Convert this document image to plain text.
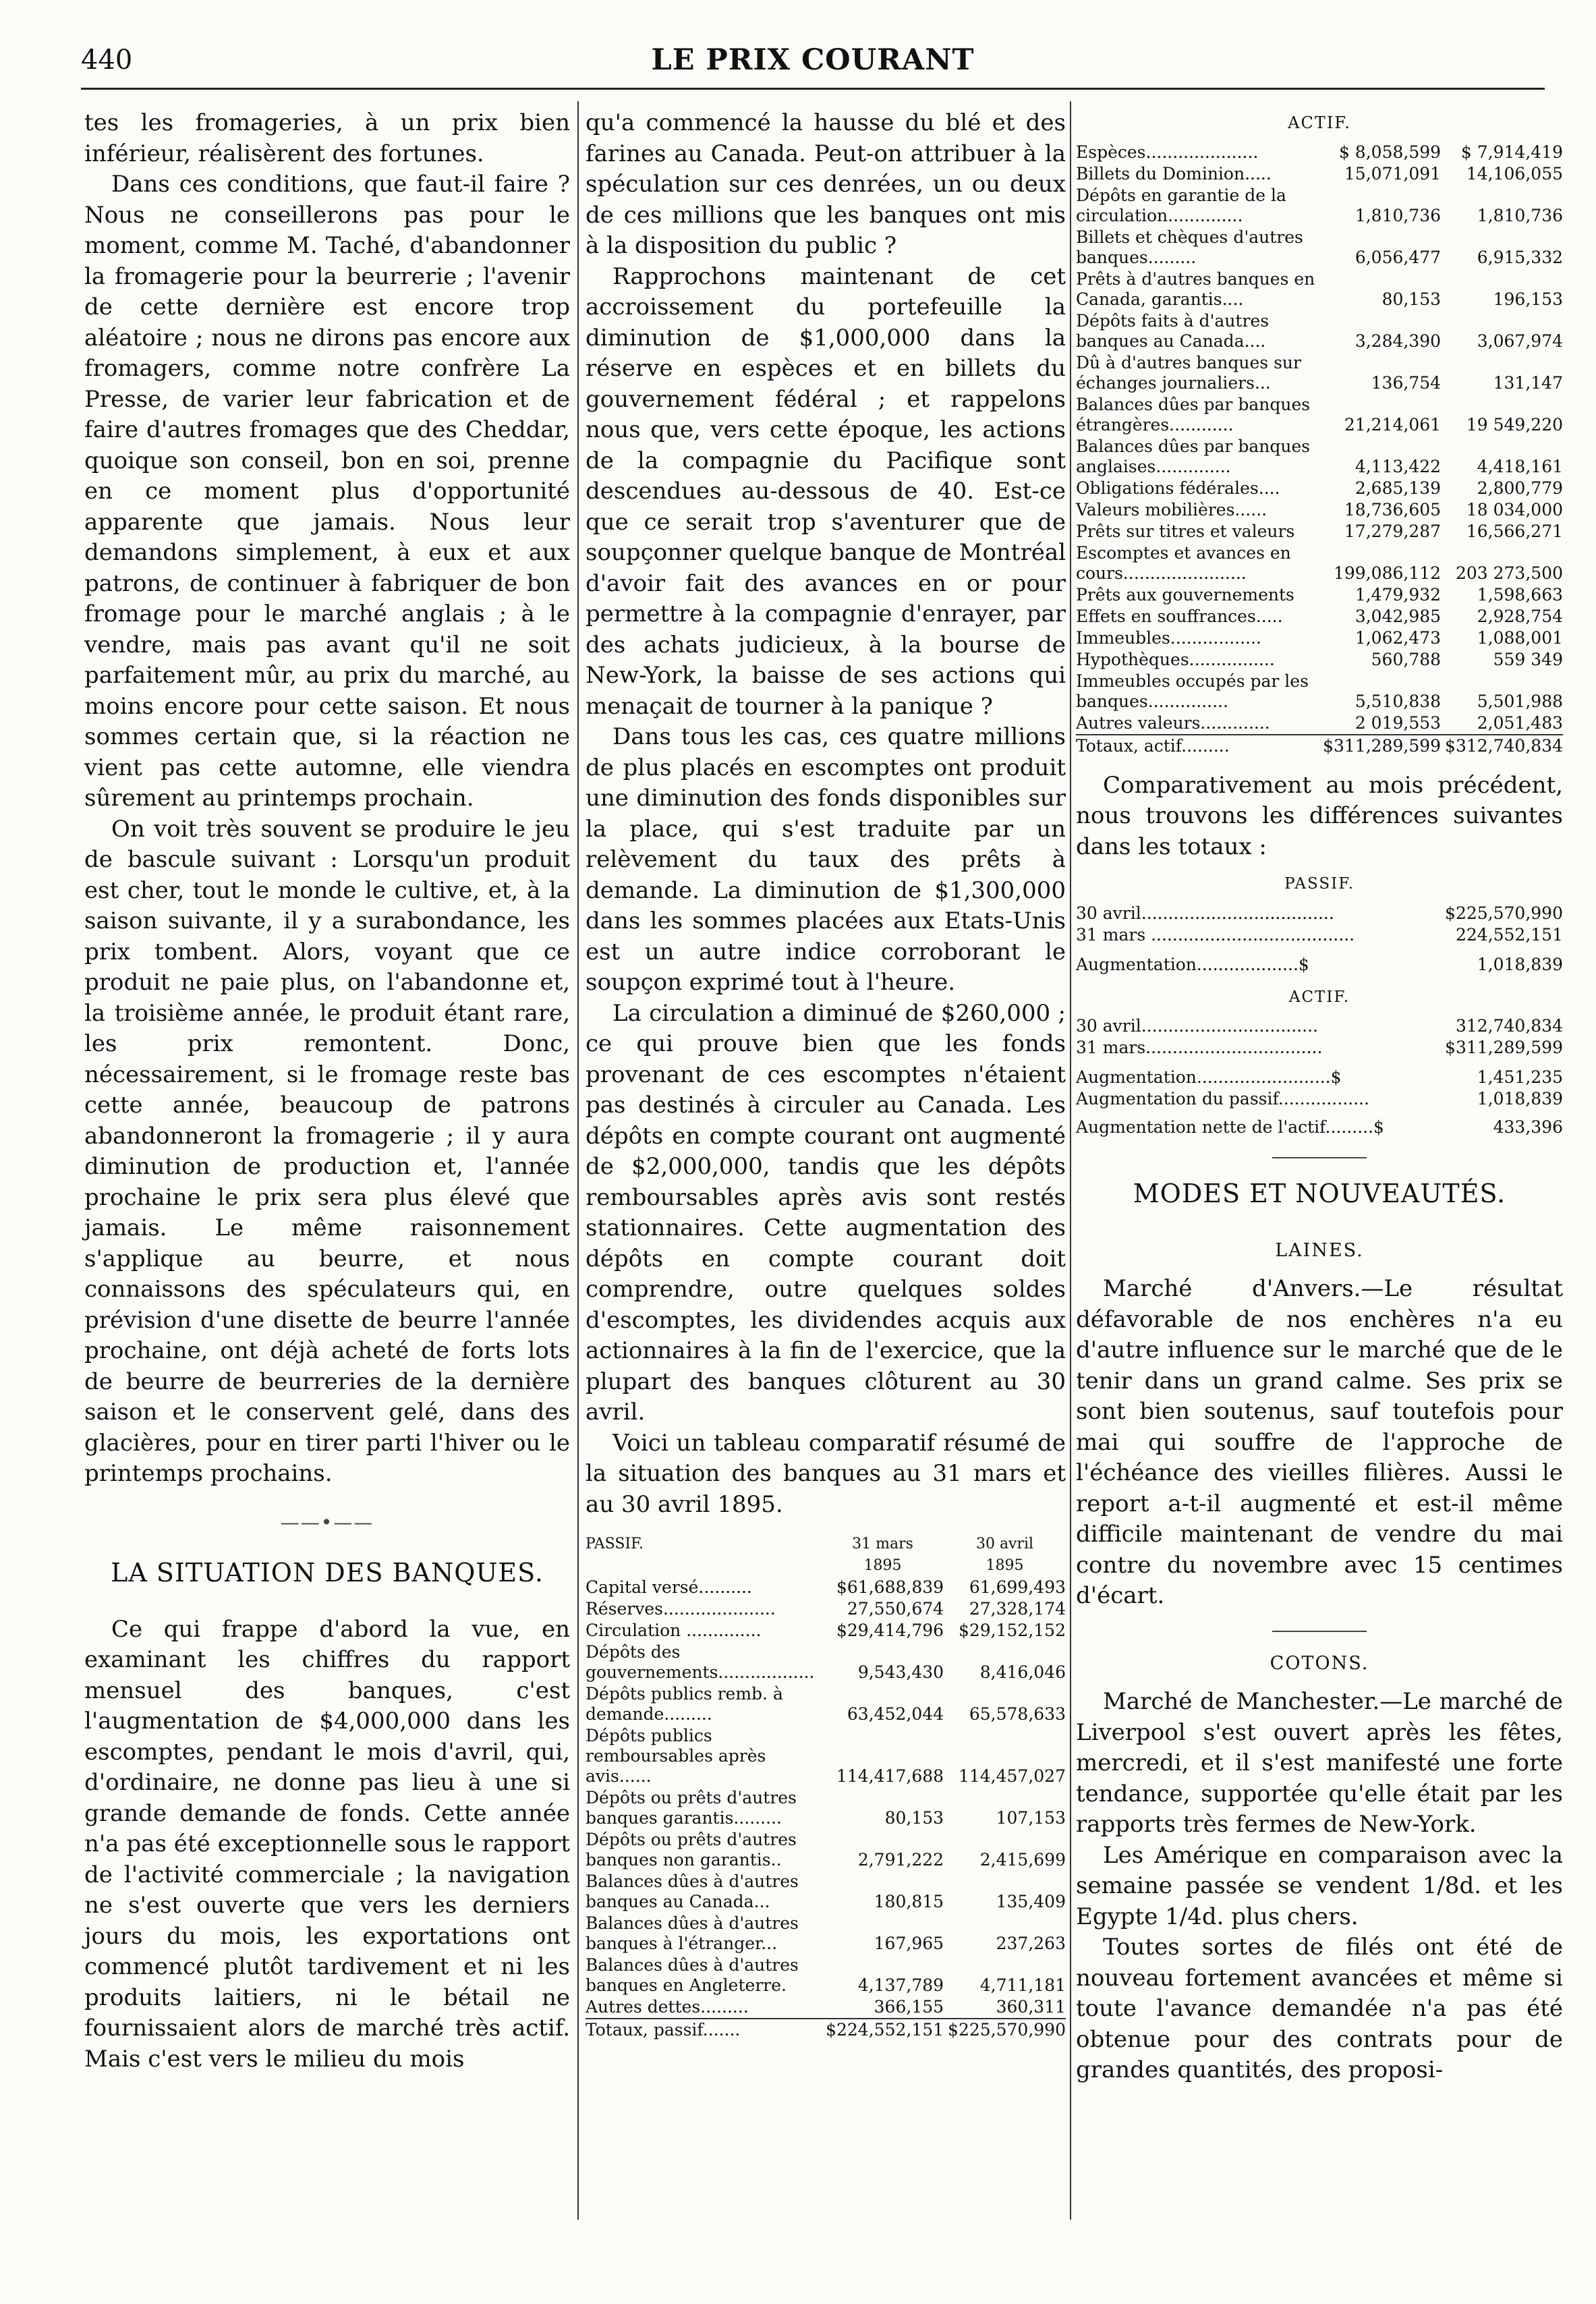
440	LE PRIX COURANT

tes les fromageries, à un prix bien inférieur, réalisèrent des fortunes.

Dans ces conditions, que faut-il faire ? Nous ne conseillerons pas pour le moment, comme M. Taché, d'abandonner la fromagerie pour la beurrerie ; l'avenir de cette dernière est encore trop aléatoire ; nous ne dirons pas encore aux fromagers, comme notre confrère La Presse, de varier leur fabrication et de faire d'autres fromages que des Cheddar, quoique son conseil, bon en soi, prenne en ce moment plus d'opportunité apparente que jamais. Nous leur demandons simplement, à eux et aux patrons, de continuer à fabriquer de bon fromage pour le marché anglais ; à le vendre, mais pas avant qu'il ne soit parfaitement mûr, au prix du marché, au moins encore pour cette saison. Et nous sommes certain que, si la réaction ne vient pas cette automne, elle viendra sûrement au printemps prochain.

On voit très souvent se produire le jeu de bascule suivant : Lorsqu'un produit est cher, tout le monde le cultive, et, à la saison suivante, il y a surabondance, les prix tombent. Alors, voyant que ce produit ne paie plus, on l'abandonne et, la troisième année, le produit étant rare, les prix remontent. Donc, nécessairement, si le fromage reste bas cette année, beaucoup de patrons abandonneront la fromagerie ; il y aura diminution de production et, l'année prochaine le prix sera plus élevé que jamais. Le même raisonnement s'applique au beurre, et nous connaissons des spéculateurs qui, en prévision d'une disette de beurre l'année prochaine, ont déjà acheté de forts lots de beurre de beurreries de la dernière saison et le conservent gelé, dans des glacières, pour en tirer parti l'hiver ou le printemps prochains.

——•——
LA SITUATION DES BANQUES.

Ce qui frappe d'abord la vue, en examinant les chiffres du rapport mensuel des banques, c'est l'augmentation de $4,000,000 dans les escomptes, pendant le mois d'avril, qui, d'ordinaire, ne donne pas lieu à une si grande demande de fonds. Cette année n'a pas été exceptionnelle sous le rapport de l'activité commerciale ; la navigation ne s'est ouverte que vers les derniers jours du mois, les exportations ont commencé plutôt tardivement et ni les produits laitiers, ni le bétail ne fournissaient alors de marché très actif. Mais c'est vers le milieu du mois

qu'a commencé la hausse du blé et des farines au Canada. Peut-on attribuer à la spéculation sur ces denrées, un ou deux de ces millions que les banques ont mis à la disposition du public ?

Rapprochons maintenant de cet accroissement du portefeuille la diminution de $1,000,000 dans la réserve en espèces et en billets du gouvernement fédéral ; et rappelons nous que, vers cette époque, les actions de la compagnie du Pacifique sont descendues au-dessous de 40. Est-ce que ce serait trop s'aventurer que de soupçonner quelque banque de Montréal d'avoir fait des avances en or pour permettre à la compagnie d'enrayer, par des achats judicieux, à la bourse de New-York, la baisse de ses actions qui menaçait de tourner à la panique ?

Dans tous les cas, ces quatre millions de plus placés en escomptes ont produit une diminution des fonds disponibles sur la place, qui s'est traduite par un relèvement du taux des prêts à demande. La diminution de $1,300,000 dans les sommes placées aux Etats-Unis est un autre indice corroborant le soupçon exprimé tout à l'heure.

La circulation a diminué de $260,000 ; ce qui prouve bien que les fonds provenant de ces escomptes n'étaient pas destinés à circuler au Canada. Les dépôts en compte courant ont augmenté de $2,000,000, tandis que les dépôts remboursables après avis sont restés stationnaires. Cette augmentation des dépôts en compte courant doit comprendre, outre quelques soldes d'escomptes, les dividendes acquis aux actionnaires à la fin de l'exercice, que la plupart des banques clôturent au 30 avril.

Voici un tableau comparatif résumé de la situation des banques au 31 mars et au 30 avril 1895.

PASSIF.	31 mars	30 avril
	1895	1895
Capital versé..........	$61,688,839	61,699,493
Réserves.....................	27,550,674	27,328,174
Circulation ..............	$29,414,796	$29,152,152
Dépôts des gouvernements..................	9,543,430	8,416,046
Dépôts publics remb. à demande.........	63,452,044	65,578,633
Dépôts publics remboursables après avis......	114,417,688	114,457,027
Dépôts ou prêts d'autres banques garantis.........	80,153	107,153
Dépôts ou prêts d'autres banques non garantis..	2,791,222	2,415,699
Balances dûes à d'autres banques au Canada...	180,815	135,409
Balances dûes à d'autres banques à l'étranger...	167,965	237,263
Balances dûes à d'autres banques en Angleterre.	4,137,789	4,711,181
Autres dettes.........	366,155	360,311
Totaux, passif.......	$224,552,151	$225,570,990
ACTIF.
Espèces.....................	$ 8,058,599	$ 7,914,419
Billets du Dominion.....	15,071,091	14,106,055
Dépôts en garantie de la circulation..............	1,810,736	1,810,736
Billets et chèques d'autres banques.........	6,056,477	6,915,332
Prêts à d'autres banques en Canada, garantis....	80,153	196,153
Dépôts faits à d'autres banques au Canada....	3,284,390	3,067,974
Dû à d'autres banques sur échanges journaliers...	136,754	131,147
Balances dûes par banques étrangères............	21,214,061	19 549,220
Balances dûes par banques anglaises..............	4,113,422	4,418,161
Obligations fédérales....	2,685,139	2,800,779
Valeurs mobilières......	18,736,605	18 034,000
Prêts sur titres et valeurs	17,279,287	16,566,271
Escomptes et avances en cours.......................	199,086,112	203 273,500
Prêts aux gouvernements	1,479,932	1,598,663
Effets en souffrances.....	3,042,985	2,928,754
Immeubles.................	1,062,473	1,088,001
Hypothèques................	560,788	559 349
Immeubles occupés par les banques...............	5,510,838	5,501,988
Autres valeurs.............	2 019,553	2,051,483
Totaux, actif.........	$311,289,599	$312,740,834

Comparativement au mois précédent, nous trouvons les différences suivantes dans les totaux :

PASSIF.
30 avril....................................	$225,570,990
31 mars ......................................	224,552,151
Augmentation...................$	1,018,839
ACTIF.
30 avril.................................	312,740,834
31 mars.................................	$311,289,599
Augmentation.........................$	1,451,235
Augmentation du passif.................	1,018,839
Augmentation nette de l'actif.........$	433,396
MODES ET NOUVEAUTÉS.
LAINES.

Marché d'Anvers.—Le résultat défavorable de nos enchères n'a eu d'autre influence sur le marché que de le tenir dans un grand calme. Ses prix se sont bien soutenus, sauf toutefois pour mai qui souffre de l'approche de l'échéance des vieilles filières. Aussi le report a-t-il augmenté et est-il même difficile maintenant de vendre du mai contre du novembre avec 15 centimes d'écart.

COTONS.

Marché de Manchester.—Le marché de Liverpool s'est ouvert après les fêtes, mercredi, et il s'est manifesté une forte tendance, supportée qu'elle était par les rapports très fermes de New-York.

Les Amérique en comparaison avec la semaine passée se vendent 1/8d. et les Egypte 1/4d. plus chers.

Toutes sortes de filés ont été de nouveau fortement avancées et même si toute l'avance demandée n'a pas été obtenue pour des contrats pour de grandes quantités, des proposi-
